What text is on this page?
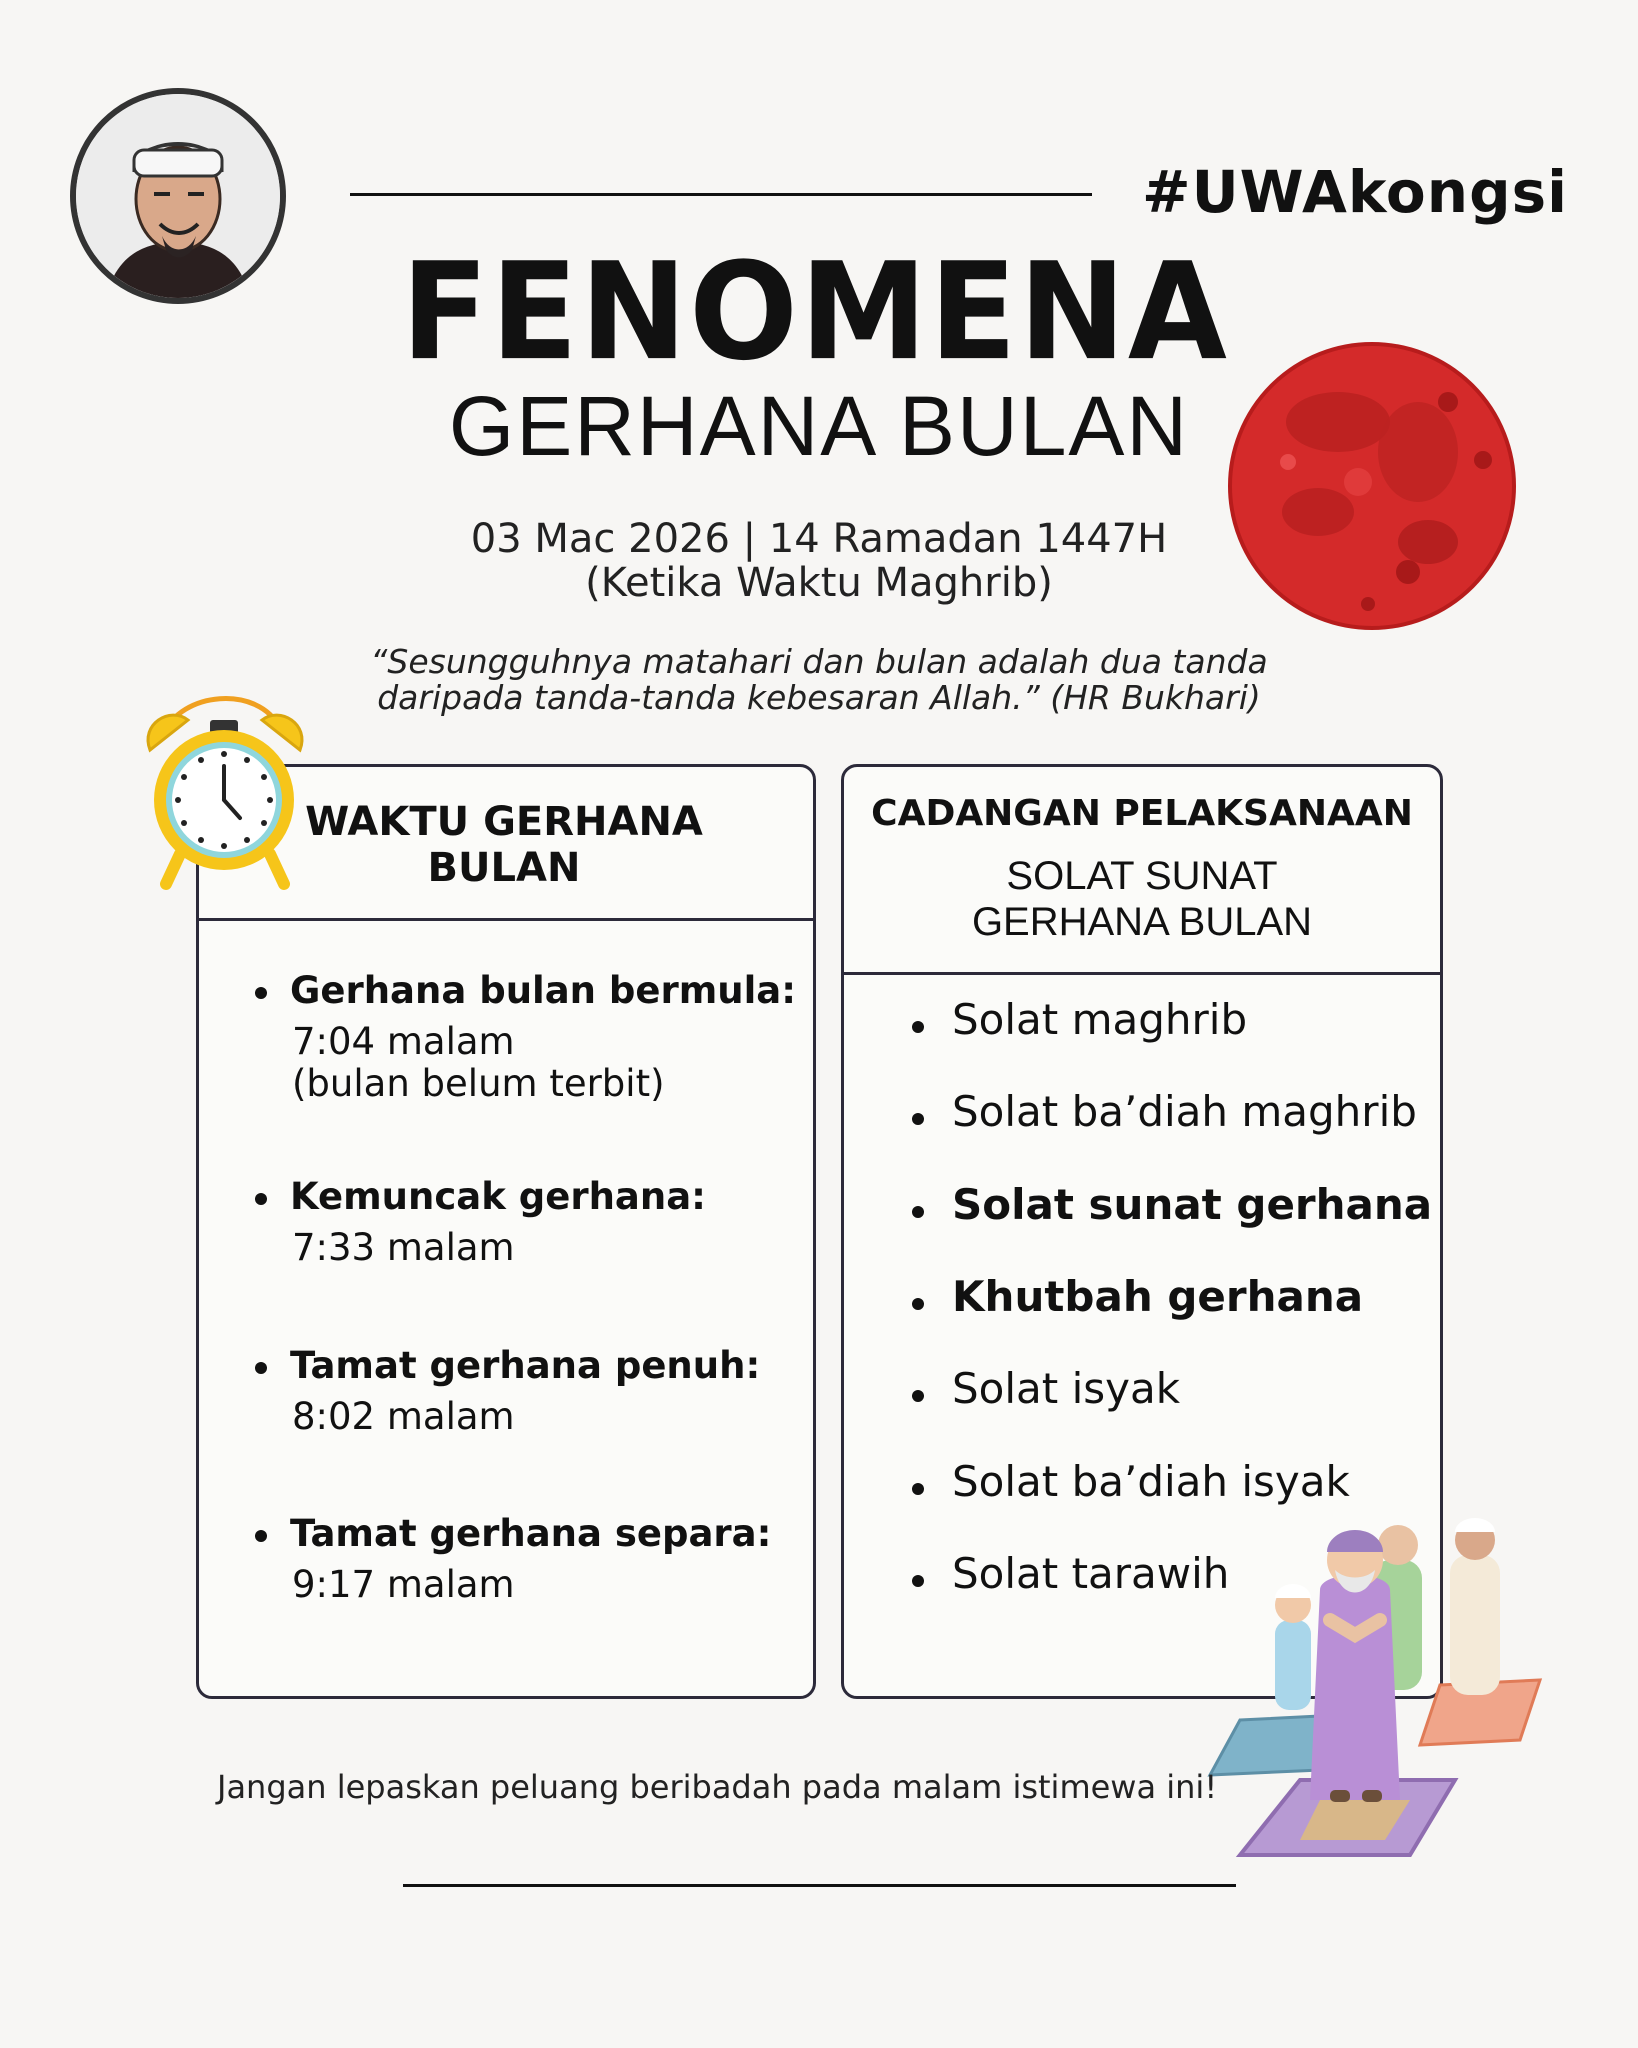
#UWAkongsi
FENOMENA
GERHANA BULAN
03 Mac 2026 | 14 Ramadan 1447H
(Ketika Waktu Maghrib)
“Sesungguhnya matahari dan bulan adalah dua tanda
daripada tanda-tanda kebesaran Allah.” (HR Bukhari)
WAKTU GERHANA
BULAN
Gerhana bulan bermula:
7:04 malam
(bulan belum terbit)
Kemuncak gerhana:
7:33 malam
Tamat gerhana penuh:
8:02 malam
Tamat gerhana separa:
9:17 malam
CADANGAN PELAKSANAAN
SOLAT SUNAT
GERHANA BULAN
Solat maghrib
Solat ba’diah maghrib
Solat sunat gerhana
Khutbah gerhana
Solat isyak
Solat ba’diah isyak
Solat tarawih
Jangan lepaskan peluang beribadah pada malam istimewa ini!
